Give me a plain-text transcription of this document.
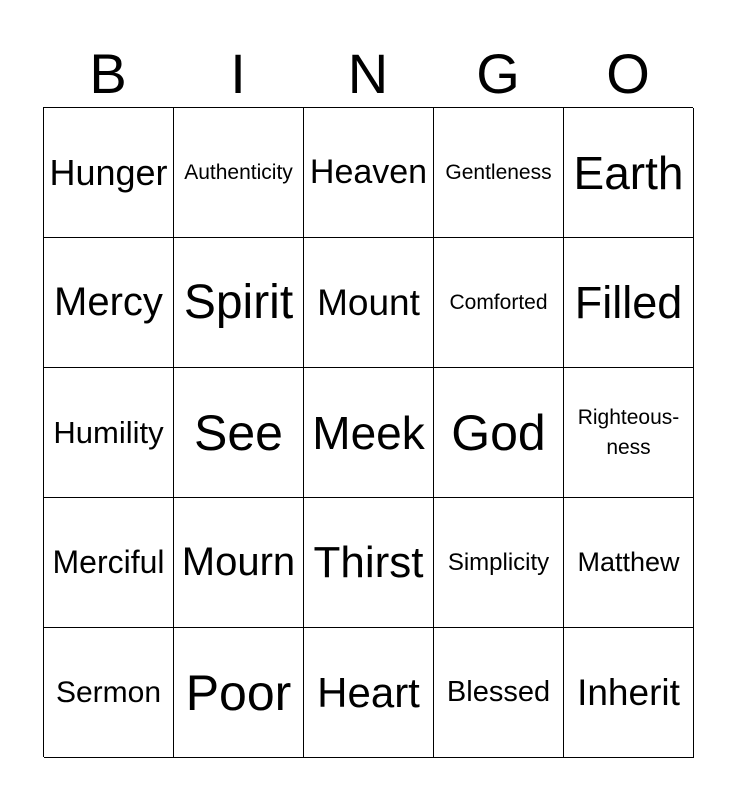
B	I	N	G	O
Hunger Authenticity Heaven Gentleness Earth
Mercy Spirit Mount	Comforted Filled
Humility See Meek God	Righteous-
ness
Merciful Mourn Thirst	Simplicity	Matthew
Sermon Poor Heart Blessed Inherit
